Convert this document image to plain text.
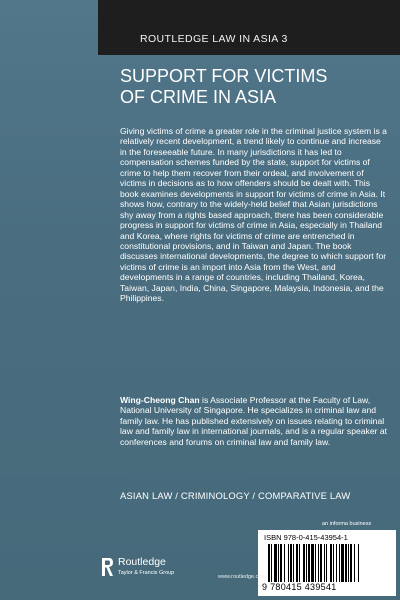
ROUTLEDGE LAW IN ASIA 3
SUPPORT FOR VICTIMS
OF CRIME IN ASIA

Giving victims of crime a greater role in the criminal justice system is a relatively recent development, a trend likely to continue and increase in the foreseeable future. In many jurisdictions it has led to compensation schemes funded by the state, support for victims of crime to help them recover from their ordeal, and involvement of victims in decisions as to how offenders should be dealt with. This book examines developments in support for victims of crime in Asia. It shows how, contrary to the widely-held belief that Asian jurisdictions shy away from a rights based approach, there has been considerable progress in support for victims of crime in Asia, especially in Thailand and Korea, where rights for victims of crime are entrenched in constitutional provisions, and in Taiwan and Japan. The book discusses international developments, the degree to which support for victims of crime is an import into Asia from the West, and developments in a range of countries, including Thailand, Korea, Taiwan, Japan, India, China, Singapore, Malaysia, Indonesia, and the Philippines.

Wing-Cheong Chan is Associate Professor at the Faculty of Law, National University of Singapore. He specializes in criminal law and family law. He has published extensively on issues relating to criminal law and family law in international journals, and is a regular speaker at conferences and forums on criminal law and family law.

ASIAN LAW / CRIMINOLOGY / COMPARATIVE LAW
an informa business
ISBN 978-0-415-43954-1
9 780415 439541
Routledge
Taylor & Francis Group
www.routledge.com
